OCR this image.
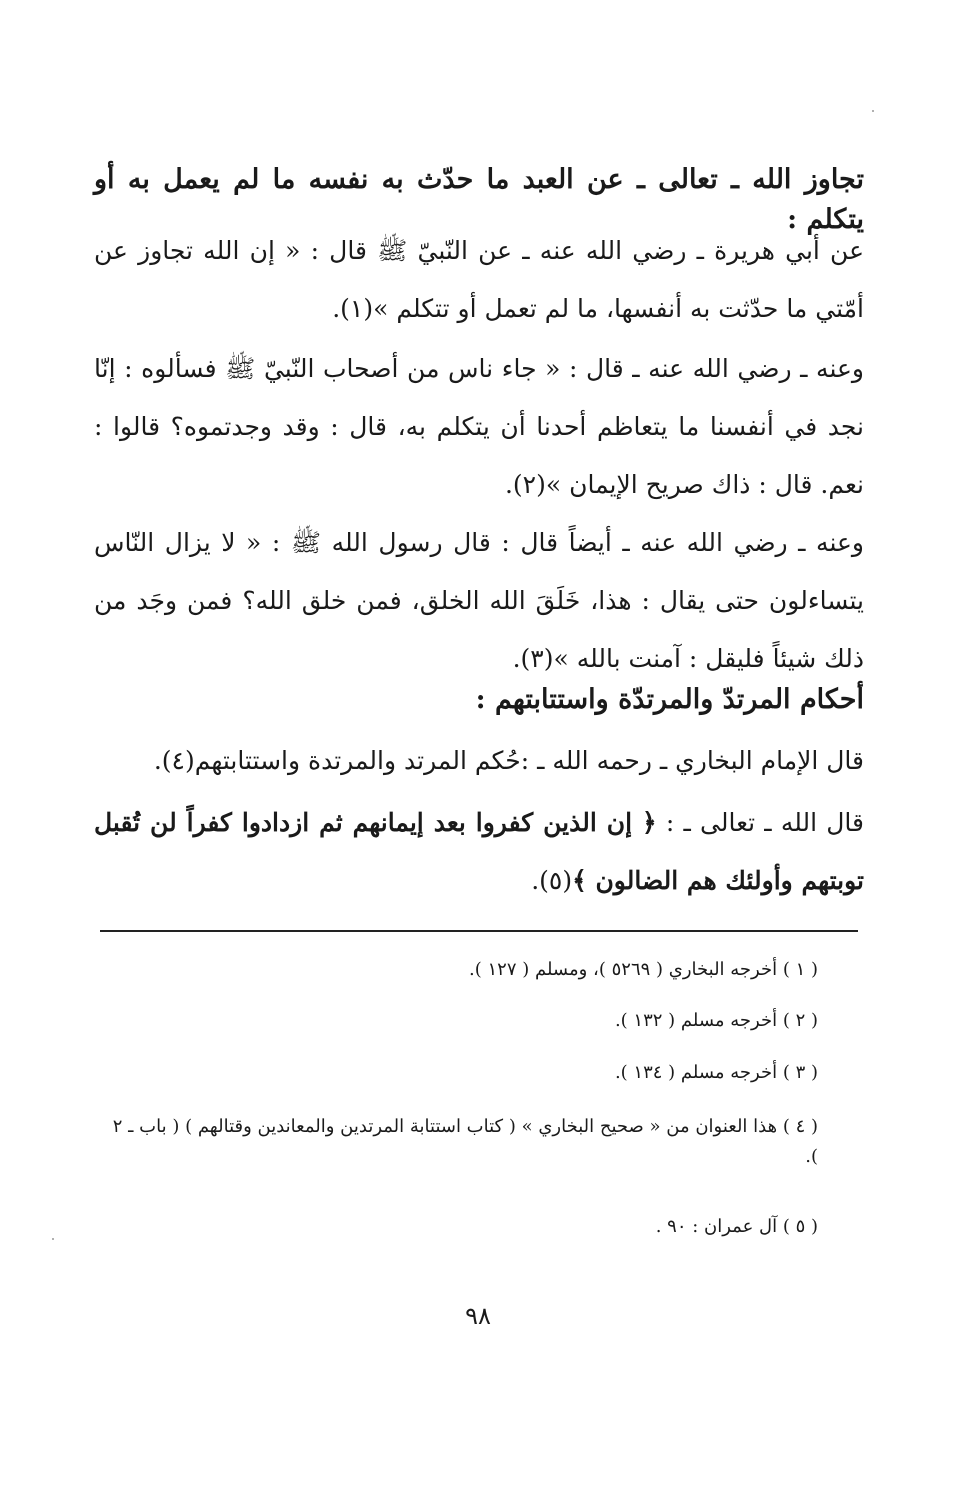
تجاوز الله ـ تعالى ـ عن العبد ما حدّث به نفسه ما لم يعمل به أو يتكلم :
عن أبي هريرة ـ رضي الله عنه ـ عن النّبيّ ﷺ قال : « إن الله تجاوز عن أمّتي ما حدّثت به أنفسها، ما لم تعمل أو تتكلم »(١).
وعنه ـ رضي الله عنه ـ قال : « جاء ناس من أصحاب النّبيّ ﷺ فسألوه : إنّا نجد في أنفسنا ما يتعاظم أحدنا أن يتكلم به، قال : وقد وجدتموه؟ قالوا : نعم. قال : ذاك صريح الإيمان »(٢).
وعنه ـ رضي الله عنه ـ أيضاً قال : قال رسول الله ﷺ : « لا يزال النّاس يتساءلون حتى يقال : هذا، خَلَقَ الله الخلق، فمن خلق الله؟ فمن وجَد من ذلك شيئاً فليقل : آمنت بالله »(٣).
أحكام المرتدّ والمرتدّة واستتابتهم :
قال الإمام البخاري ـ رحمه الله ـ :حُكم المرتد والمرتدة واستتابتهم(٤).
قال الله ـ تعالى ـ : ﴿ إن الذين كفروا بعد إيمانهم ثم ازدادوا كفراً لن تُقبل توبتهم وأولئك هم الضالون ﴾(٥).
( ١ ) أخرجه البخاري ( ٥٢٦٩ )، ومسلم ( ١٢٧ ).
( ٢ ) أخرجه مسلم ( ١٣٢ ).
( ٣ ) أخرجه مسلم ( ١٣٤ ).
( ٤ ) هذا العنوان من « صحيح البخاري » ( كتاب استتابة المرتدين والمعاندين وقتالهم ) ( باب ـ ٢ ).
( ٥ ) آل عمران : ٩٠ .
٩٨
